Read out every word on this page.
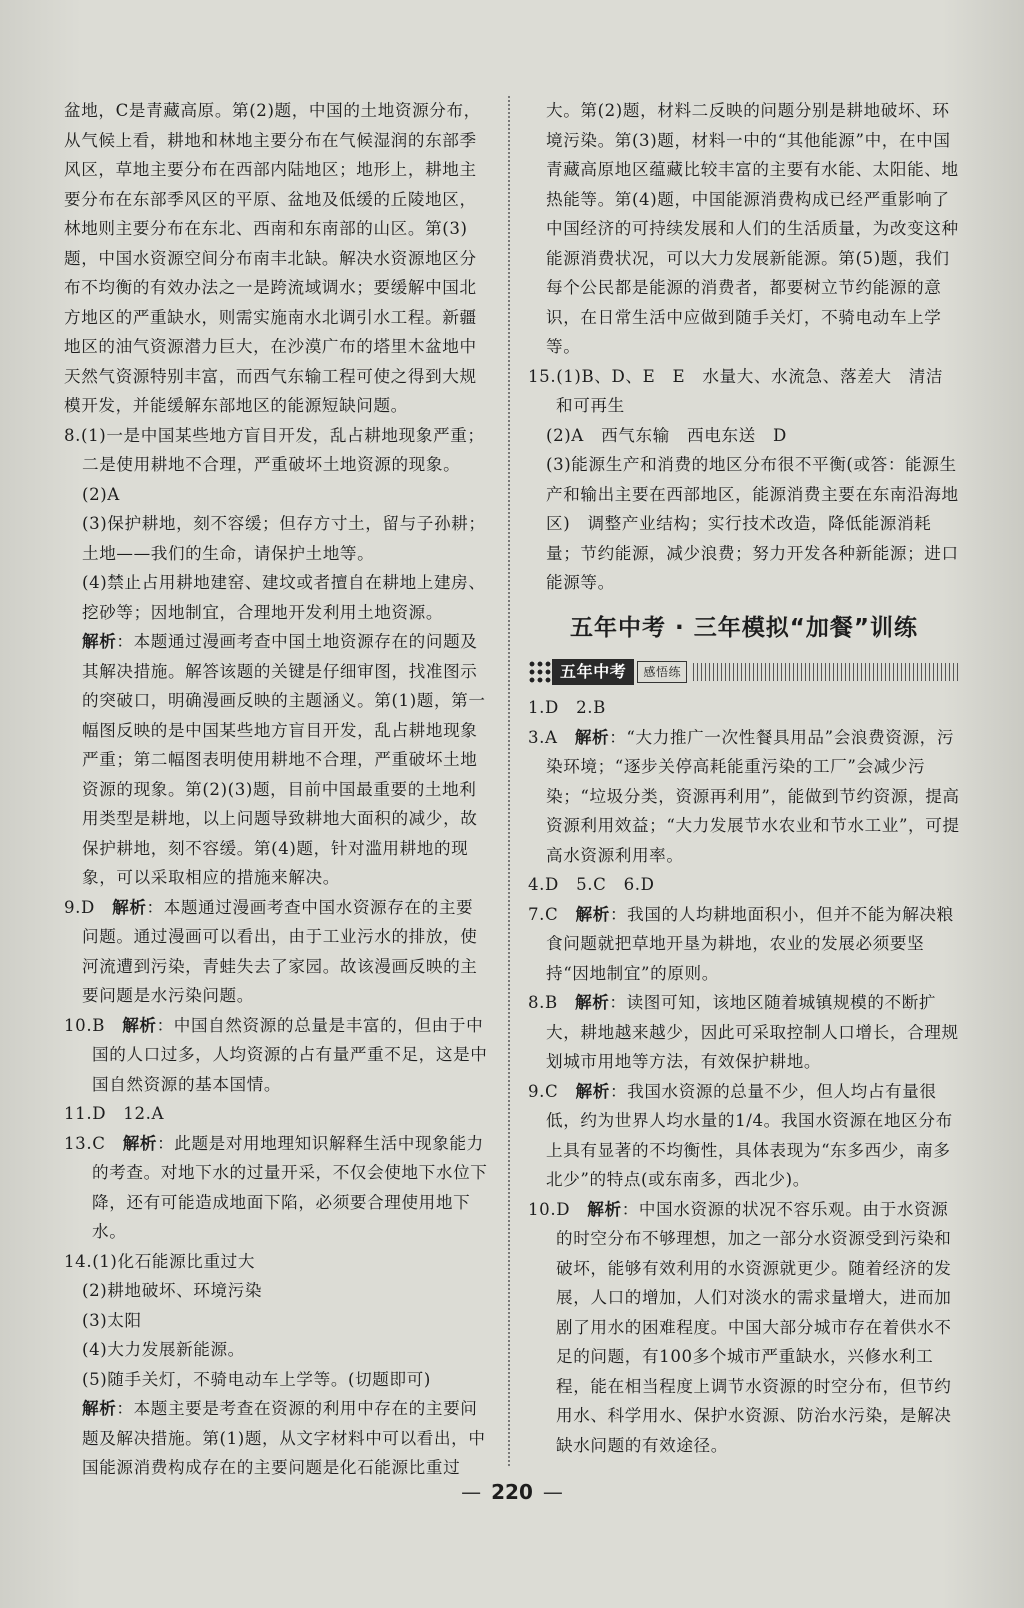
盆地，C是青藏高原。第(2)题，中国的土地资源分布，从气候上看，耕地和林地主要分布在气候湿润的东部季风区，草地主要分布在西部内陆地区；地形上，耕地主要分布在东部季风区的平原、盆地及低缓的丘陵地区，林地则主要分布在东北、西南和东南部的山区。第(3)题，中国水资源空间分布南丰北缺。解决水资源地区分布不均衡的有效办法之一是跨流域调水；要缓解中国北方地区的严重缺水，则需实施南水北调引水工程。新疆地区的油气资源潜力巨大，在沙漠广布的塔里木盆地中天然气资源特别丰富，而西气东输工程可使之得到大规模开发，并能缓解东部地区的能源短缺问题。

8.(1)一是中国某些地方盲目开发，乱占耕地现象严重；二是使用耕地不合理，严重破坏土地资源的现象。

(2)A

(3)保护耕地，刻不容缓；但存方寸土，留与子孙耕；土地——我们的生命，请保护土地等。

(4)禁止占用耕地建窑、建坟或者擅自在耕地上建房、挖砂等；因地制宜，合理地开发利用土地资源。

解析：本题通过漫画考查中国土地资源存在的问题及其解决措施。解答该题的关键是仔细审图，找准图示的突破口，明确漫画反映的主题涵义。第(1)题，第一幅图反映的是中国某些地方盲目开发，乱占耕地现象严重；第二幅图表明使用耕地不合理，严重破坏土地资源的现象。第(2)(3)题，目前中国最重要的土地利用类型是耕地，以上问题导致耕地大面积的减少，故保护耕地，刻不容缓。第(4)题，针对滥用耕地的现象，可以采取相应的措施来解决。

9.D　 解析：本题通过漫画考查中国水资源存在的主要问题。通过漫画可以看出，由于工业污水的排放，使河流遭到污染，青蛙失去了家园。故该漫画反映的主要问题是水污染问题。

10.B　 解析：中国自然资源的总量是丰富的，但由于中国的人口过多，人均资源的占有量严重不足，这是中国自然资源的基本国情。

11.D　12.A

13.C　 解析：此题是对用地理知识解释生活中现象能力的考查。对地下水的过量开采，不仅会使地下水位下降，还有可能造成地面下陷，必须要合理使用地下水。

14.(1)化石能源比重过大

(2)耕地破坏、环境污染

(3)太阳

(4)大力发展新能源。

(5)随手关灯，不骑电动车上学等。(切题即可)

解析：本题主要是考查在资源的利用中存在的主要问题及解决措施。第(1)题，从文字材料中可以看出，中国能源消费构成存在的主要问题是化石能源比重过

大。第(2)题，材料二反映的问题分别是耕地破坏、环境污染。第(3)题，材料一中的“其他能源”中，在中国青藏高原地区蕴藏比较丰富的主要有水能、太阳能、地热能等。第(4)题，中国能源消费构成已经严重影响了中国经济的可持续发展和人们的生活质量，为改变这种能源消费状况，可以大力发展新能源。第(5)题，我们每个公民都是能源的消费者，都要树立节约能源的意识，在日常生活中应做到随手关灯，不骑电动车上学等。

15.(1)B、D、E　E　水量大、水流急、落差大　清洁和可再生

(2)A　西气东输　西电东送　D

(3)能源生产和消费的地区分布很不平衡(或答：能源生产和输出主要在西部地区，能源消费主要在东南沿海地区)　调整产业结构；实行技术改造，降低能源消耗量；节约能源，减少浪费；努力开发各种新能源；进口能源等。

五年中考 · 三年模拟“加餐”训练
五年中考	感悟练

1.D　2.B

3.A　 解析：“大力推广一次性餐具用品”会浪费资源，污染环境；“逐步关停高耗能重污染的工厂”会减少污染；“垃圾分类，资源再利用”，能做到节约资源，提高资源利用效益；“大力发展节水农业和节水工业”，可提高水资源利用率。

4.D　5.C　6.D

7.C　 解析：我国的人均耕地面积小，但并不能为解决粮食问题就把草地开垦为耕地，农业的发展必须要坚持“因地制宜”的原则。

8.B　 解析：读图可知，该地区随着城镇规模的不断扩大，耕地越来越少，因此可采取控制人口增长，合理规划城市用地等方法，有效保护耕地。

9.C　 解析：我国水资源的总量不少，但人均占有量很低，约为世界人均水量的1/4。我国水资源在地区分布上具有显著的不均衡性，具体表现为“东多西少，南多北少”的特点(或东南多，西北少)。

10.D　 解析：中国水资源的状况不容乐观。由于水资源的时空分布不够理想，加之一部分水资源受到污染和破坏，能够有效利用的水资源就更少。随着经济的发展，人口的增加，人们对淡水的需求量增大，进而加剧了用水的困难程度。中国大部分城市存在着供水不足的问题，有100多个城市严重缺水，兴修水利工程，能在相当程度上调节水资源的时空分布，但节约用水、科学用水、保护水资源、防治水污染，是解决缺水问题的有效途径。

— 220 —
